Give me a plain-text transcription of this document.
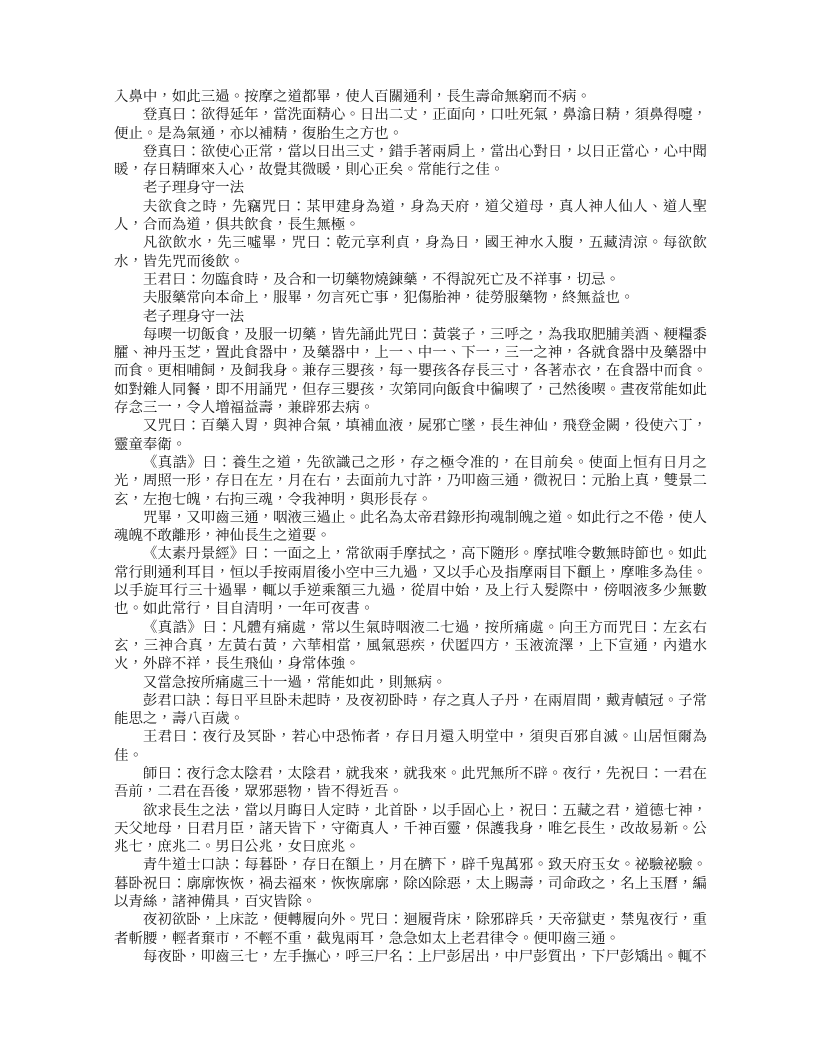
入鼻中，如此三過。按摩之道都畢，使人百關通利，長生壽命無窮而不病。

登真曰：欲得延年，當洗面精心。日出二丈，正面向，口吐死氣，鼻潝日精，須鼻得嚏，便止。是為氣通，亦以補精，復胎生之方也。

登真曰：欲使心正常，當以日出三丈，錯手著兩肩上，當出心對日，以日正當心，心中聞暖，存日精暉來入心，故覺其微暖，則心正矣。常能行之佳。

老子理身守一法

夫欲食之時，先竊咒曰：某甲建身為道，身為天府，道父道母，真人神人仙人、道人聖人，合而為道，俱共飲食，長生無極。

凡欲飲水，先三噓畢，咒曰：乾元享利貞，身為日，國王神水入腹，五藏清涼。每欲飲水，皆先咒而後飲。

王君曰：勿臨食時，及合和一切藥物燒鍊藥，不得說死亡及不祥事，切忌。

夫服藥常向本命上，服畢，勿言死亡事，犯傷胎神，徒勞服藥物，終無益也。

老子理身守一法

每喫一切飯食，及服一切藥，皆先誦此咒曰：黃裳子，三呼之，為我取肥脯美酒、粳糧黍臛、神丹玉芝，置此食器中，及藥器中，上一、中一、下一，三一之神，各就食器中及藥器中而食。更相哺飼，及飼我身。兼存三嬰孩，每一嬰孩各存長三寸，各著赤衣，在食器中而食。如對雜人同餐，即不用誦咒，但存三嬰孩，次第同向飯食中徧喫了，己然後喫。晝夜常能如此存念三一，令人增福益壽，兼辟邪去病。

又咒曰：百藥入胃，與神合氣，填補血液，屍邪亡墜，長生神仙，飛登金闕，役使六丁，靈童奉衛。

《真誥》曰：養生之道，先欲識己之形，存之極令准的，在目前矣。使面上恒有日月之光，周照一形，存日在左，月在右，去面前九寸許，乃叩齒三通，微祝曰：元胎上真，雙景二玄，左抱七魄，右拘三魂，令我神明，與形長存。

咒畢，又叩齒三通，咽液三過止。此名為太帝君錄形拘魂制魄之道。如此行之不倦，使人魂魄不敢離形，神仙長生之道要。

《太素丹景經》曰：一面之上，常欲兩手摩拭之，高下隨形。摩拭唯令數無時節也。如此常行則通利耳目，恒以手按兩眉後小空中三九過，又以手心及指摩兩目下顴上，摩唯多為佳。以手旋耳行三十過畢，輒以手逆乘額三九過，從眉中始，及上行入髮際中，傍咽液多少無數也。如此常行，目自清明，一年可夜書。

《真誥》曰：凡體有痛處，常以生氣時咽液二七過，按所痛處。向王方而咒曰：左玄右玄，三神合真，左黃右黃，六華相當，風氣惡疾，伏匿四方，玉液流澤，上下宣通，內遣水火，外辟不祥，長生飛仙，身常体強。

又當急按所痛處三十一過，常能如此，則無病。

彭君口訣：每日平旦卧未起時，及夜初卧時，存之真人子丹，在兩眉間，戴青幘冠。子常能思之，壽八百歲。

王君曰：夜行及冥卧，若心中恐怖者，存日月還入明堂中，須臾百邪自滅。山居恒爾為佳。

師曰：夜行念太陰君，太陰君，就我來，就我來。此咒無所不辟。夜行，先祝曰：一君在吾前，二君在吾後，眾邪惡物，皆不得近吾。

欲求長生之法，當以月晦日人定時，北首卧，以手固心上，祝曰：五藏之君，道德七神，天父地母，日君月臣，諸天皆下，守衛真人，千神百靈，保護我身，唯乞長生，改故易新。公兆七，庶兆二。男曰公兆，女曰庶兆。

青牛道士口訣：每暮卧，存日在額上，月在臍下，辟千鬼萬邪。致天府玉女。祕驗祕驗。暮卧祝曰：廓廓恢恢，禍去福來，恢恢廓廓，除凶除惡，太上賜壽，司命政之，名上玉曆，編以青絲，諸神備具，百灾皆除。

夜初欲卧，上床訖，便轉履向外。咒曰：迴履背床，除邪辟兵，天帝獄吏，禁鬼夜行，重者斬腰，輕者棄市，不輕不重，截鬼兩耳，急急如太上老君律令。便叩齒三通。

每夜卧，叩齒三七，左手撫心，呼三尸名：上尸彭居出，中尸彭質出，下尸彭矯出。輒不
